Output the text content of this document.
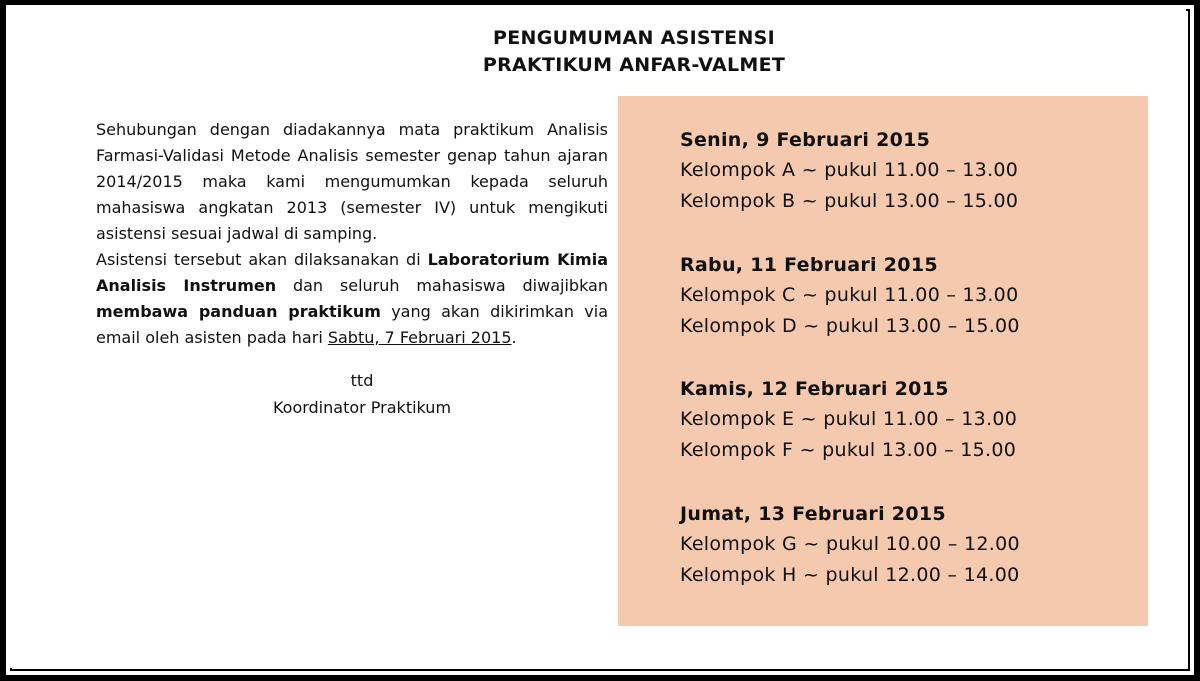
PENGUMUMAN ASISTENSI
PRAKTIKUM ANFAR-VALMET

Sehubungan dengan diadakannya mata praktikum Analisis Farmasi-Validasi Metode Analisis semester genap tahun ajaran 2014/2015 maka kami mengumumkan kepada seluruh mahasiswa angkatan 2013 (semester IV) untuk mengikuti asistensi sesuai jadwal di samping.

Asistensi tersebut akan dilaksanakan di Laboratorium Kimia Analisis Instrumen dan seluruh mahasiswa diwajibkan membawa panduan praktikum yang akan dikirimkan via email oleh asisten pada hari Sabtu, 7 Februari 2015.

ttd
Koordinator Praktikum
Senin, 9 Februari 2015
Kelompok A ~ pukul 11.00 – 13.00
Kelompok B ~ pukul 13.00 – 15.00
Rabu, 11 Februari 2015
Kelompok C ~ pukul 11.00 – 13.00
Kelompok D ~ pukul 13.00 – 15.00
Kamis, 12 Februari 2015
Kelompok E ~ pukul 11.00 – 13.00
Kelompok F ~ pukul 13.00 – 15.00
Jumat, 13 Februari 2015
Kelompok G ~ pukul 10.00 – 12.00
Kelompok H ~ pukul 12.00 – 14.00
